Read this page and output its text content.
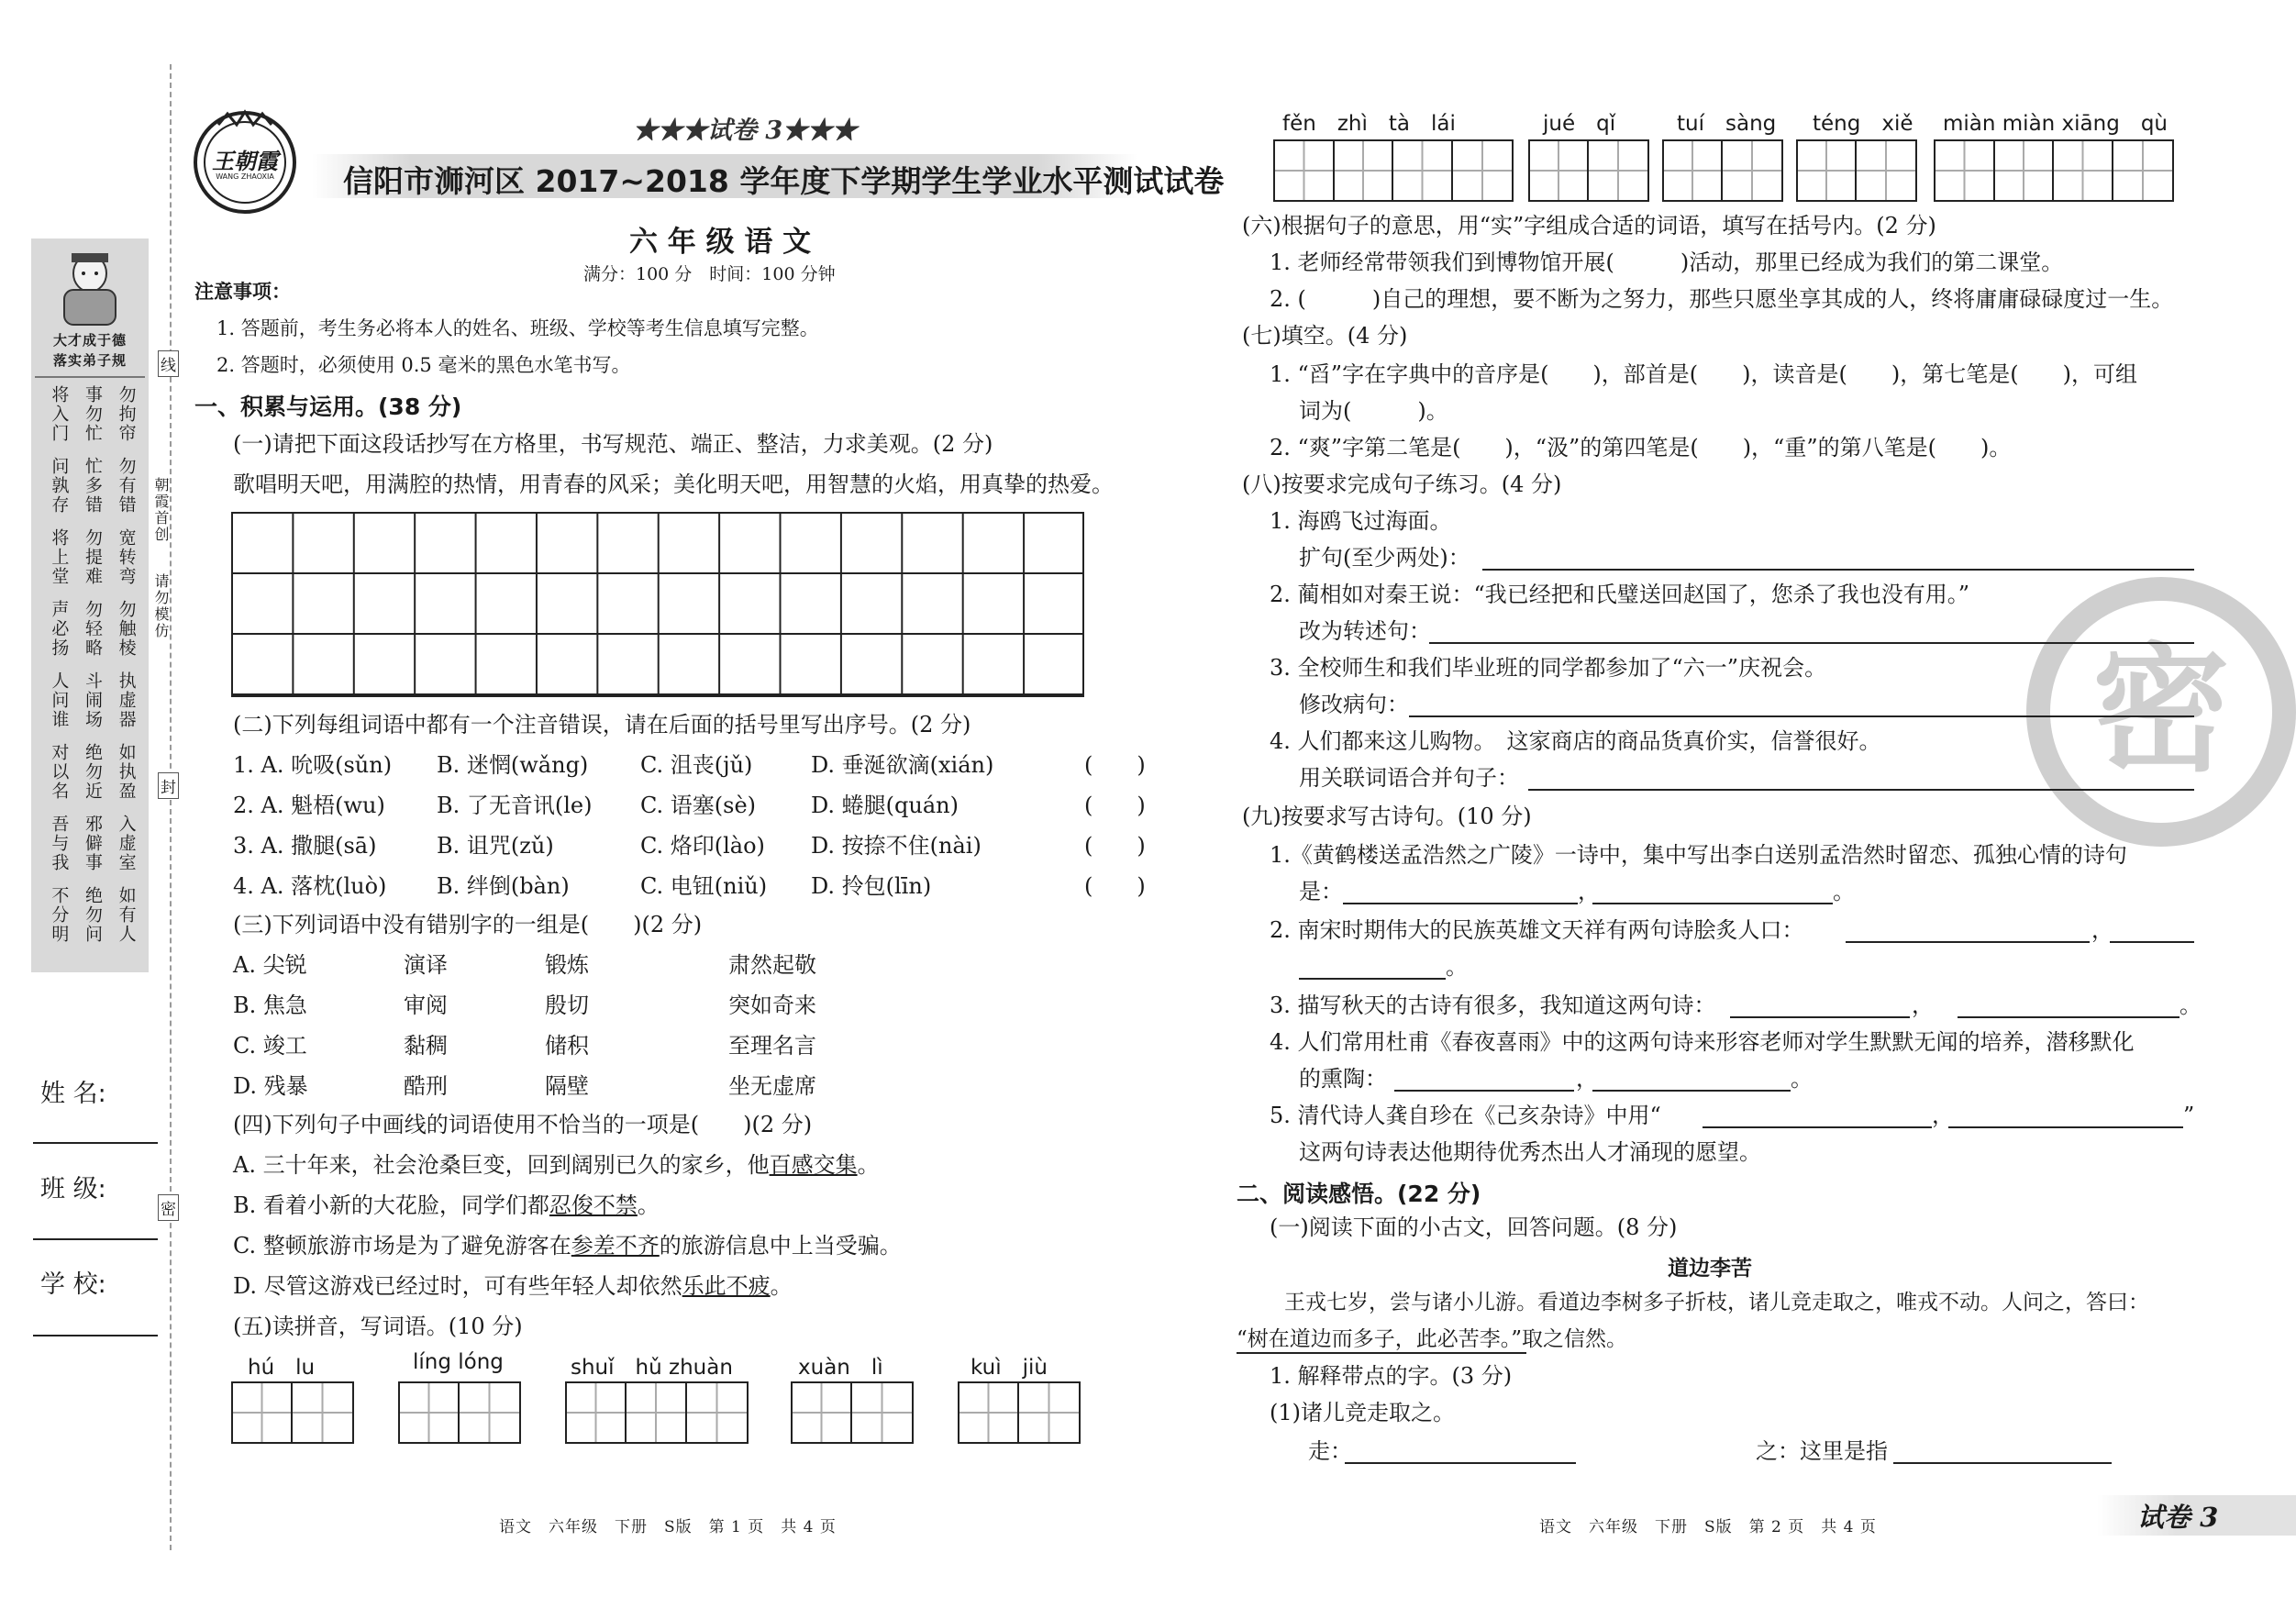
大才成于德
落实弟子规
将入门 事勿忙 勿拘帘
问孰存 忙多错 勿有错
将上堂 勿提难 宽转弯
声必扬 勿轻略 勿触棱
人问谁 斗闹场 执虚器
对以名 绝勿近 如执盈
吾与我 邪僻事 入虚室
不分明 绝勿问 如有人
线
封
密
朝霞首创
请勿模仿
姓 名:
班 级:
学 校:
王朝霞
WANG ZHAOXIA
★★★试卷 3★★★
信阳市浉河区 2017~2018 学年度下学期学生学业水平测试试卷
六 年 级 语 文
满分：100 分　时间：100 分钟
注意事项：
1. 答题前，考生务必将本人的姓名、班级、学校等考生信息填写完整。
2. 答题时，必须使用 0.5 毫米的黑色水笔书写。
一、积累与运用。(38 分)
(一)请把下面这段话抄写在方格里，书写规范、端正、整洁，力求美观。(2 分)
歌唱明天吧，用满腔的热情，用青春的风采；美化明天吧，用智慧的火焰，用真挚的热爱。
(二)下列每组词语中都有一个注音错误，请在后面的括号里写出序号。(2 分)
1. A. 吮吸(sǔn) B. 迷惘(wǎng) C. 沮丧(jǔ)	D. 垂涎欲滴(xián)	(　　)
2. A. 魁梧(wu) B. 了无音讯(le) C. 语塞(sè) D. 蜷腿(quán)	(　　)
3. A. 撒腿(sā)	B. 诅咒(zǔ)	C. 烙印(lào) D. 按捺不住(nài)	(　　)
4. A. 落枕(luò) B. 绊倒(bàn)	C. 电钮(niǔ) D. 拎包(līn)	(　　)
(三)下列词语中没有错别字的一组是(　　)(2 分)
A. 尖锐	演译	锻炼	肃然起敬
B. 焦急	审阅	殷切	突如奇来
C. 竣工	黏稠	储积	至理名言
D. 残暴	酷刑	隔壁	坐无虚席
(四)下列句子中画线的词语使用不恰当的一项是(　　)(2 分)
A. 三十年来，社会沧桑巨变，回到阔别已久的家乡，他百感交集。
B. 看着小新的大花脸，同学们都忍俊不禁。
C. 整顿旅游市场是为了避免游客在参差不齐的旅游信息中上当受骗。
D. 尽管这游戏已经过时，可有些年轻人却依然乐此不疲。
(五)读拼音，写词语。(10 分)
hú　lu	líng lóng	shuǐ　hǔ zhuàn	xuàn　lì	kuì　jiù
语文　六年级　下册　S版　第 1 页　共 4 页
密
fěn　zhì　tà　lái	jué　qǐ	tuí　sàng téng　xiě miàn miàn xiāng　qù
(六)根据句子的意思，用“实”字组成合适的词语，填写在括号内。(2 分)
1. 老师经常带领我们到博物馆开展(　　　)活动，那里已经成为我们的第二课堂。
2. (　　　)自己的理想，要不断为之努力，那些只愿坐享其成的人，终将庸庸碌碌度过一生。
(七)填空。(4 分)
1. “舀”字在字典中的音序是(　　)，部首是(　　)，读音是(　　)，第七笔是(　　)，可组
词为(　　　)。
2. “爽”字第二笔是(　　)，“汲”的第四笔是(　　)，“重”的第八笔是(　　)。
(八)按要求完成句子练习。(4 分)
1. 海鸥飞过海面。
扩句(至少两处)：
2. 蔺相如对秦王说：“我已经把和氏璧送回赵国了，您杀了我也没有用。”
改为转述句：
3. 全校师生和我们毕业班的同学都参加了“六一”庆祝会。
修改病句：
4. 人们都来这儿购物。　这家商店的商品货真价实，信誉很好。
用关联词语合并句子：
(九)按要求写古诗句。(10 分)
1.《黄鹤楼送孟浩然之广陵》一诗中，集中写出李白送别孟浩然时留恋、孤独心情的诗句
是：	，	。
2. 南宋时期伟大的民族英雄文天祥有两句诗脍炙人口：	，
。
3. 描写秋天的古诗有很多，我知道这两句诗：	，	。
4. 人们常用杜甫《春夜喜雨》中的这两句诗来形容老师对学生默默无闻的培养，潜移默化
的熏陶：	，	。
5. 清代诗人龚自珍在《己亥杂诗》中用“	，	”
这两句诗表达他期待优秀杰出人才涌现的愿望。
二、阅读感悟。(22 分)
(一)阅读下面的小古文，回答问题。(8 分)
道边李苦
王戎七岁，尝与诸小儿游。看道边李树多子折枝，诸儿竞走取之，唯戎不动。人问之，答曰：
“树在道边而多子，此必苦李。”取之信然。
1. 解释带点的字。(3 分)
(1)诸儿竞走取之。
走：	之：这里是指
语文　六年级　下册　S版　第 2 页　共 4 页	试卷 3
